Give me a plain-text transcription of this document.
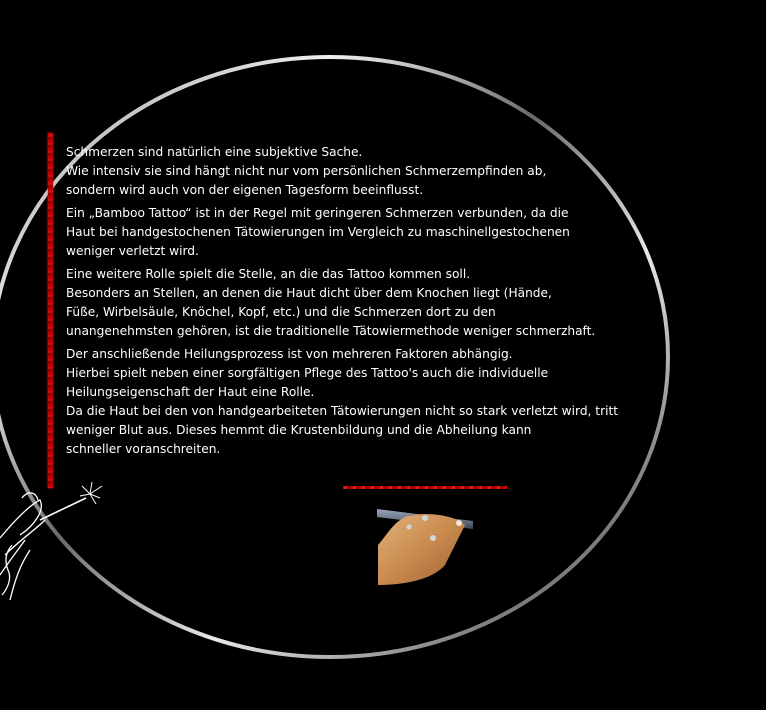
Schmerzen sind natürlich eine subjektive Sache.
Wie intensiv sie sind hängt nicht nur vom persönlichen Schmerzempfinden ab,
sondern wird auch von der eigenen Tagesform beeinflusst.

Ein „Bamboo Tattoo“ ist in der Regel mit geringeren Schmerzen verbunden, da die
Haut bei handgestochenen Tätowierungen im Vergleich zu maschinellgestochenen
weniger verletzt wird.

Eine weitere Rolle spielt die Stelle, an die das Tattoo kommen soll.
Besonders an Stellen, an denen die Haut dicht über dem Knochen liegt (Hände,
Füße, Wirbelsäule, Knöchel, Kopf, etc.) und die Schmerzen dort zu den
unangenehmsten gehören, ist die traditionelle Tätowiermethode weniger schmerzhaft.

Der anschließende Heilungsprozess ist von mehreren Faktoren abhängig.
Hierbei spielt neben einer sorgfältigen Pflege des Tattoo's auch die individuelle
Heilungseigenschaft der Haut eine Rolle.
Da die Haut bei den von handgearbeiteten Tätowierungen nicht so stark verletzt wird, tritt
weniger Blut aus. Dieses hemmt die Krustenbildung und die Abheilung kann
schneller voranschreiten.
